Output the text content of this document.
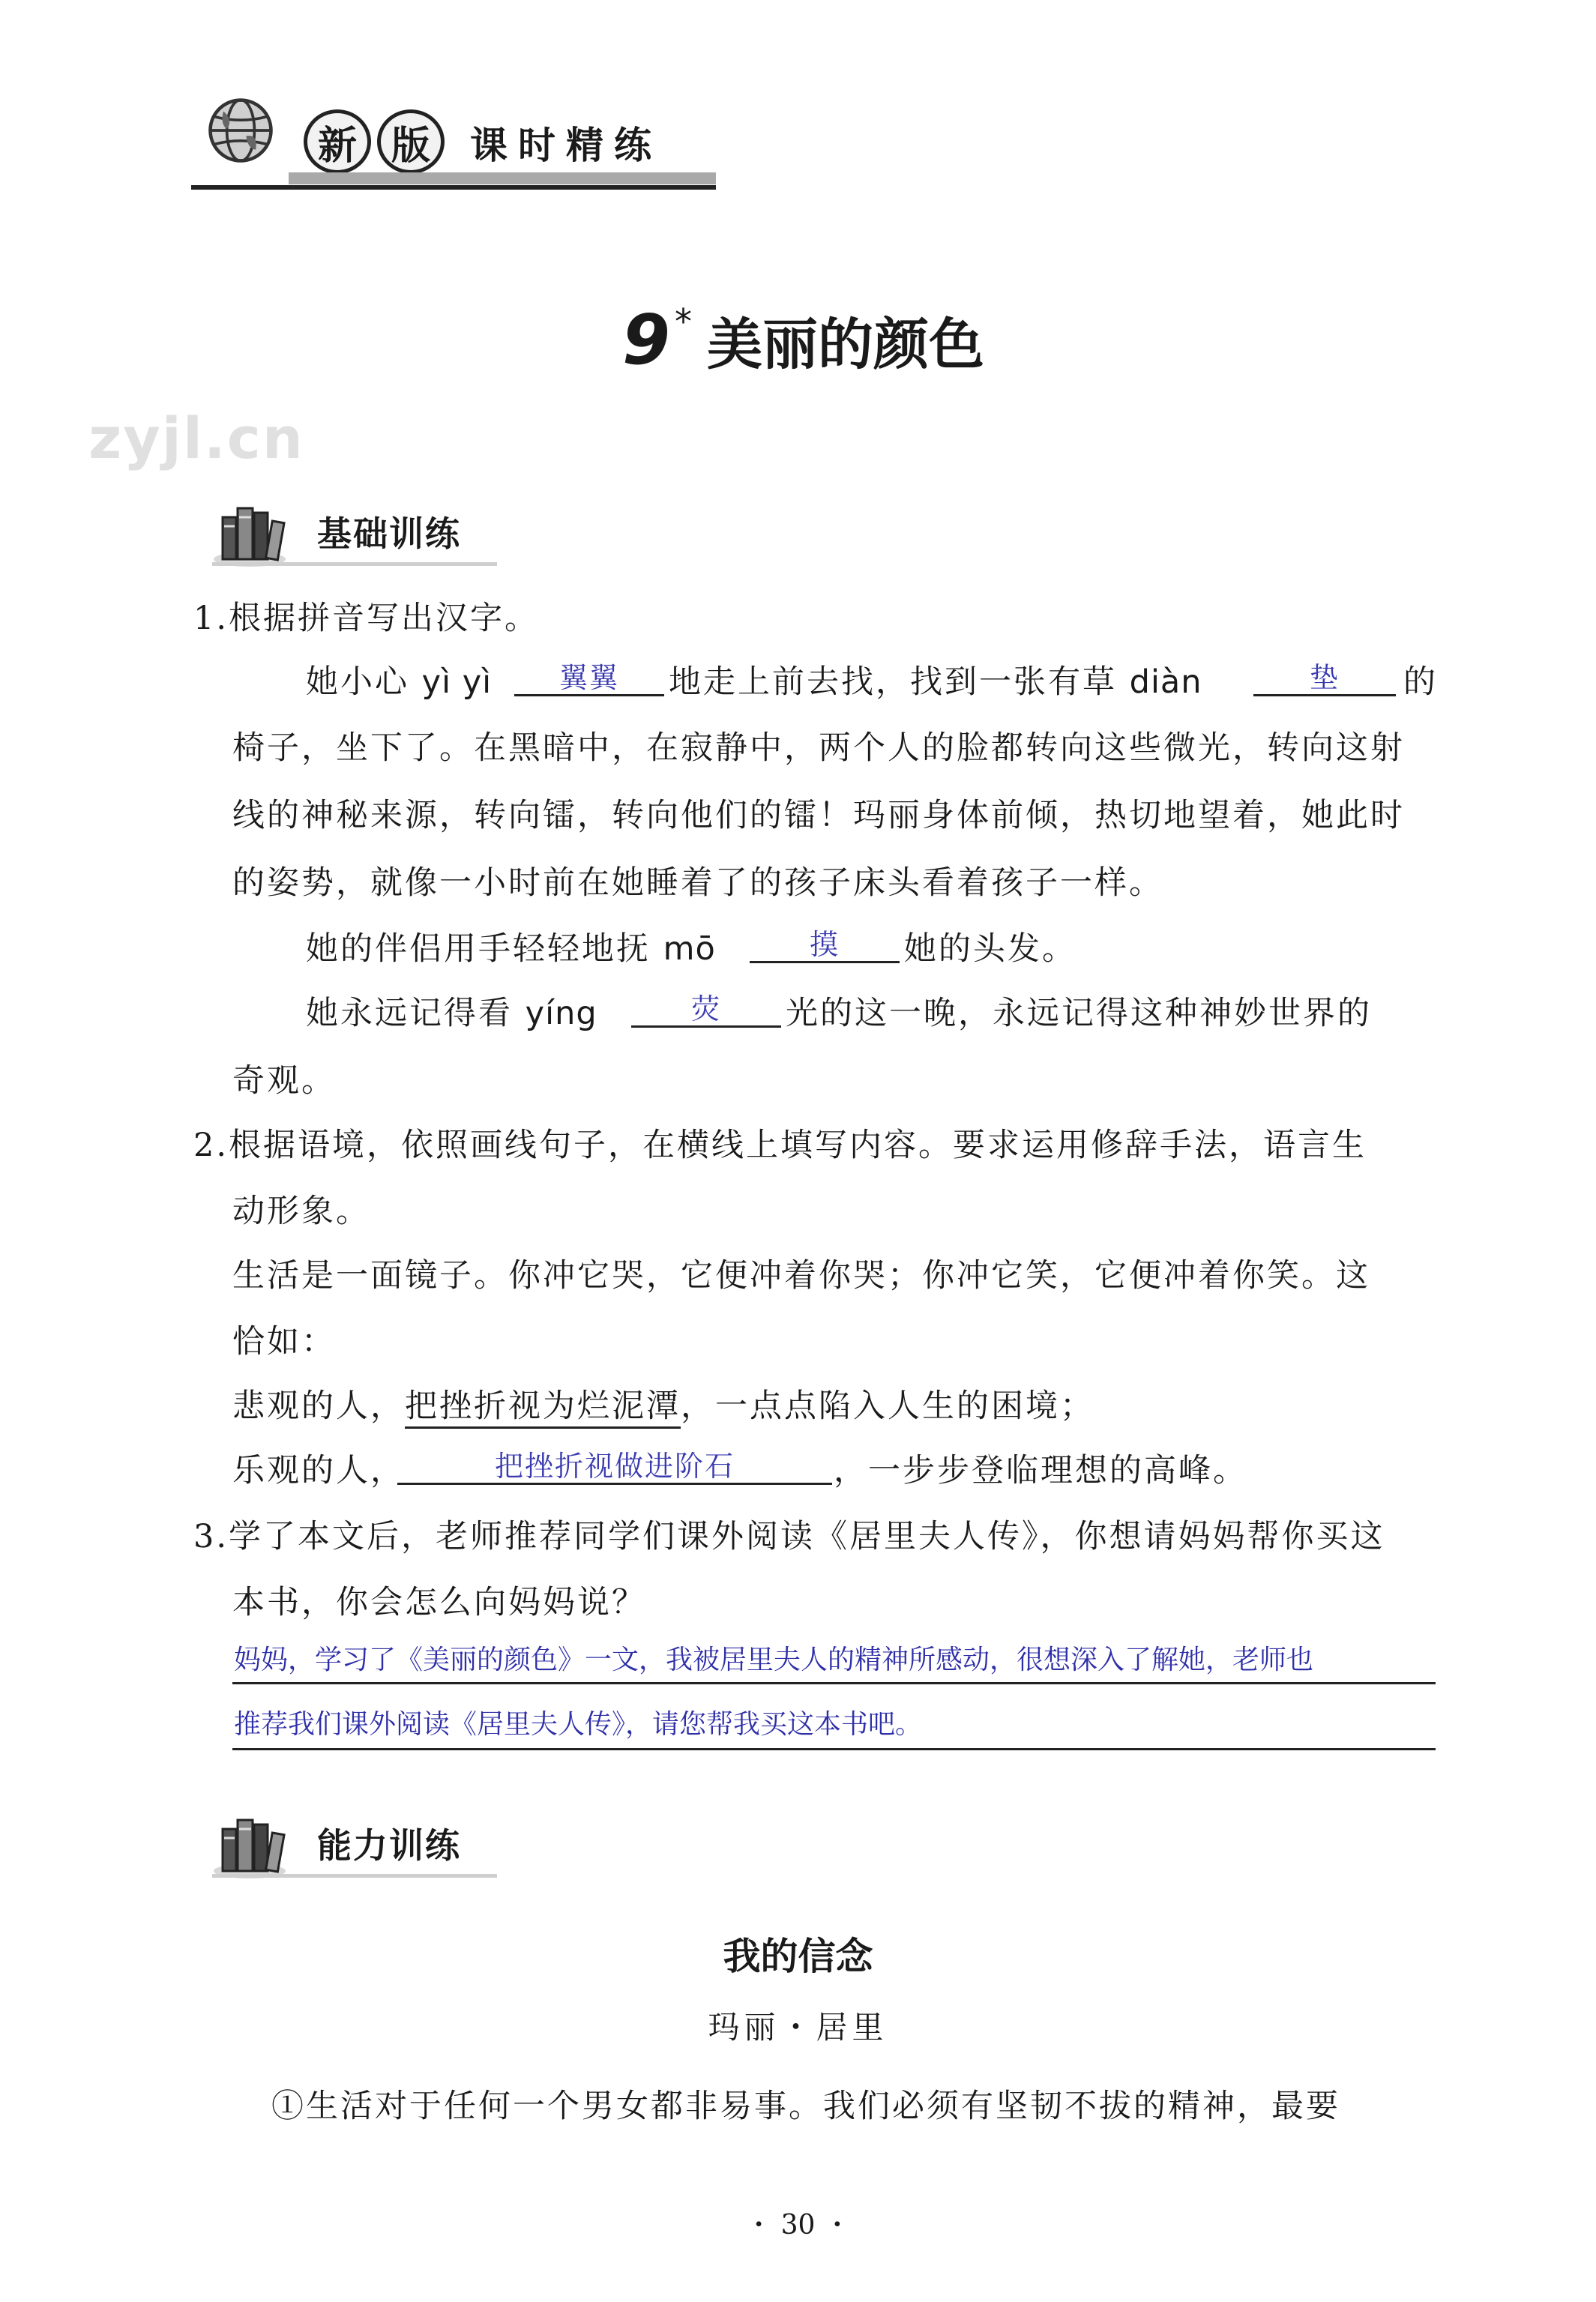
新 版	课时精练
9 * 美丽的颜色
zyjl.cn
基础训练
1.根据拼音写出汉字。
她小心 yì yì	翼翼	地走上前去找，找到一张有草 diàn	垫	的
椅子，坐下了。在黑暗中，在寂静中，两个人的脸都转向这些微光，转向这射
线的神秘来源，转向镭，转向他们的镭！玛丽身体前倾，热切地望着，她此时
的姿势，就像一小时前在她睡着了的孩子床头看着孩子一样。
她的伴侣用手轻轻地抚 mō	摸	她的头发。
她永远记得看 yíng	荧	光的这一晚，永远记得这种神妙世界的
奇观。
2.根据语境，依照画线句子，在横线上填写内容。要求运用修辞手法，语言生
动形象。
生活是一面镜子。你冲它哭，它便冲着你哭；你冲它笑，它便冲着你笑。这
恰如：
悲观的人，把挫折视为烂泥潭，一点点陷入人生的困境；
乐观的人，	把挫折视做进阶石	，一步步登临理想的高峰。
3.学了本文后，老师推荐同学们课外阅读《居里夫人传》，你想请妈妈帮你买这
本书，你会怎么向妈妈说？
妈妈，学习了《美丽的颜色》一文，我被居里夫人的精神所感动，很想深入了解她，老师也
推荐我们课外阅读《居里夫人传》，请您帮我买这本书吧。
能力训练
我的信念
玛丽・居里
①生活对于任何一个男女都非易事。我们必须有坚韧不拔的精神，最要
・ 30 ・
